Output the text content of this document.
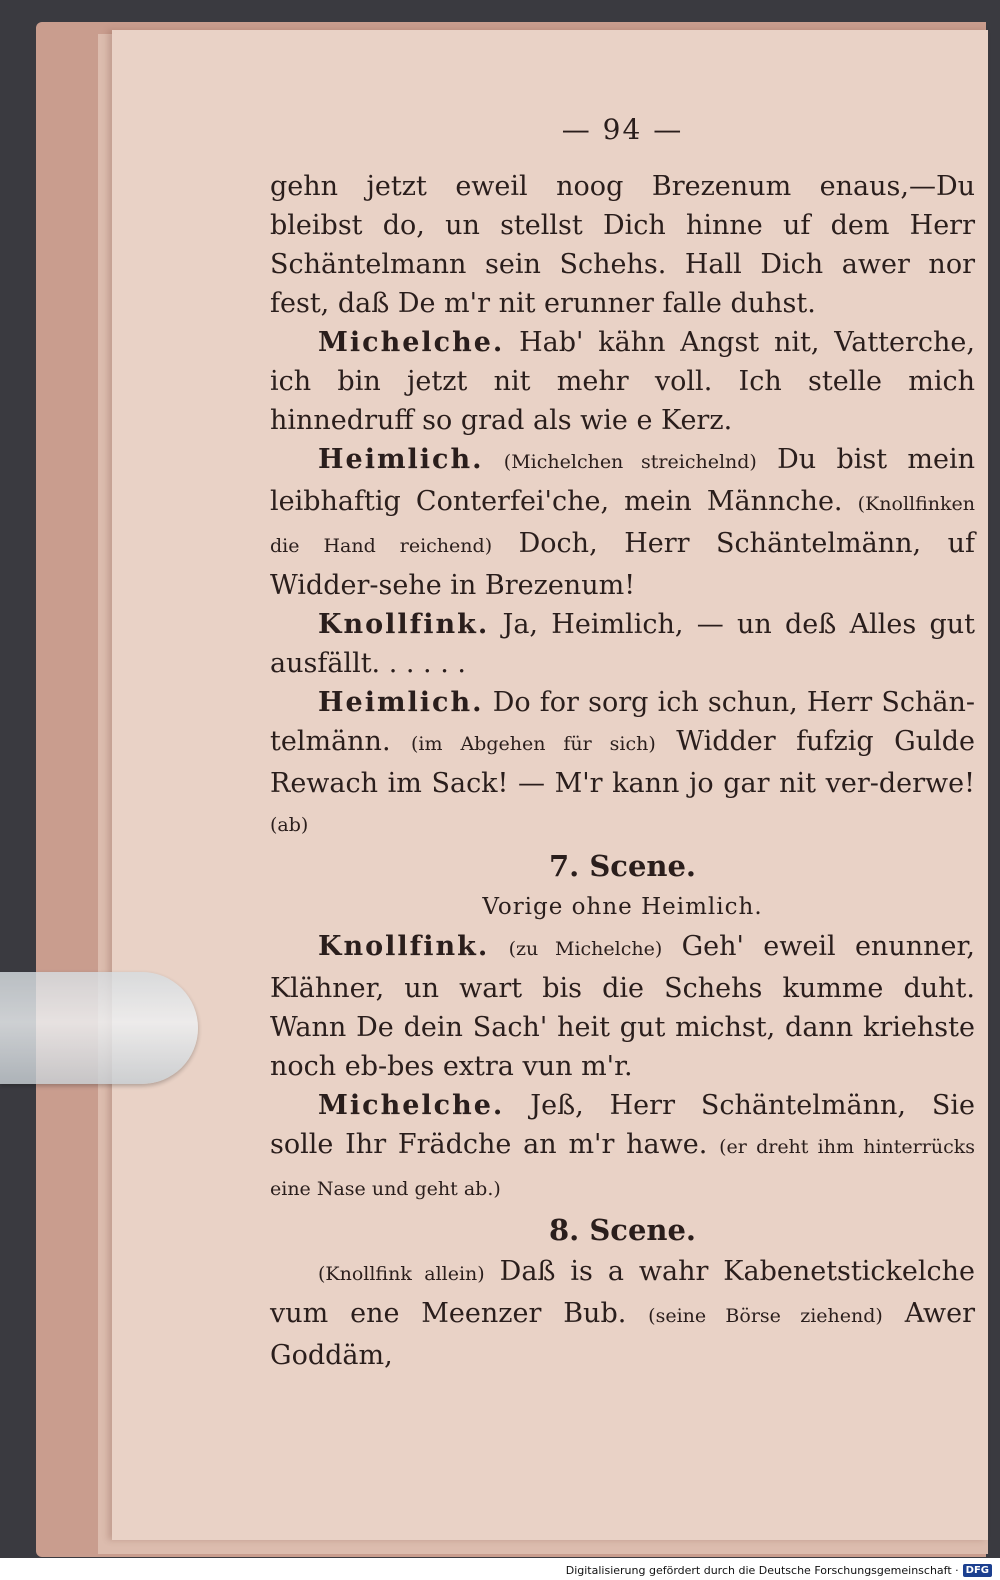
— 94 —

gehn jetzt eweil noog Brezenum enaus,—Du bleibst do, un stellst Dich hinne uf dem Herr Schäntelmann sein Schehs. Hall Dich awer nor fest, daß De m'r nit erunner falle duhst.

Michelche. Hab' kähn Angst nit, Vatterche, ich bin jetzt nit mehr voll. Ich stelle mich hinnedruff so grad als wie e Kerz.

Heimlich. (Michelchen streichelnd) Du bist mein leibhaftig Conterfei'che, mein Männche. (Knollfinken die Hand reichend) Doch, Herr Schäntelmänn, uf Widder-sehe in Brezenum!

Knollfink. Ja, Heimlich, — un deß Alles gut ausfällt. . . . . .

Heimlich. Do for sorg ich schun, Herr Schän-telmänn. (im Abgehen für sich) Widder fufzig Gulde Rewach im Sack! — M'r kann jo gar nit ver-derwe! (ab)

7. Scene.
Vorige ohne Heimlich.

Knollfink. (zu Michelche) Geh' eweil enunner, Klähner, un wart bis die Schehs kumme duht. Wann De dein Sach' heit gut michst, dann kriehste noch eb-bes extra vun m'r.

Michelche. Jeß, Herr Schäntelmänn, Sie solle Ihr Frädche an m'r hawe. (er dreht ihm hinterrücks eine Nase und geht ab.)

8. Scene.

(Knollfink allein) Daß is a wahr Kabenetstickelche vum ene Meenzer Bub. (seine Börse ziehend) Awer Goddäm,

Digitalisierung gefördert durch die Deutsche Forschungsgemeinschaft · DFG
